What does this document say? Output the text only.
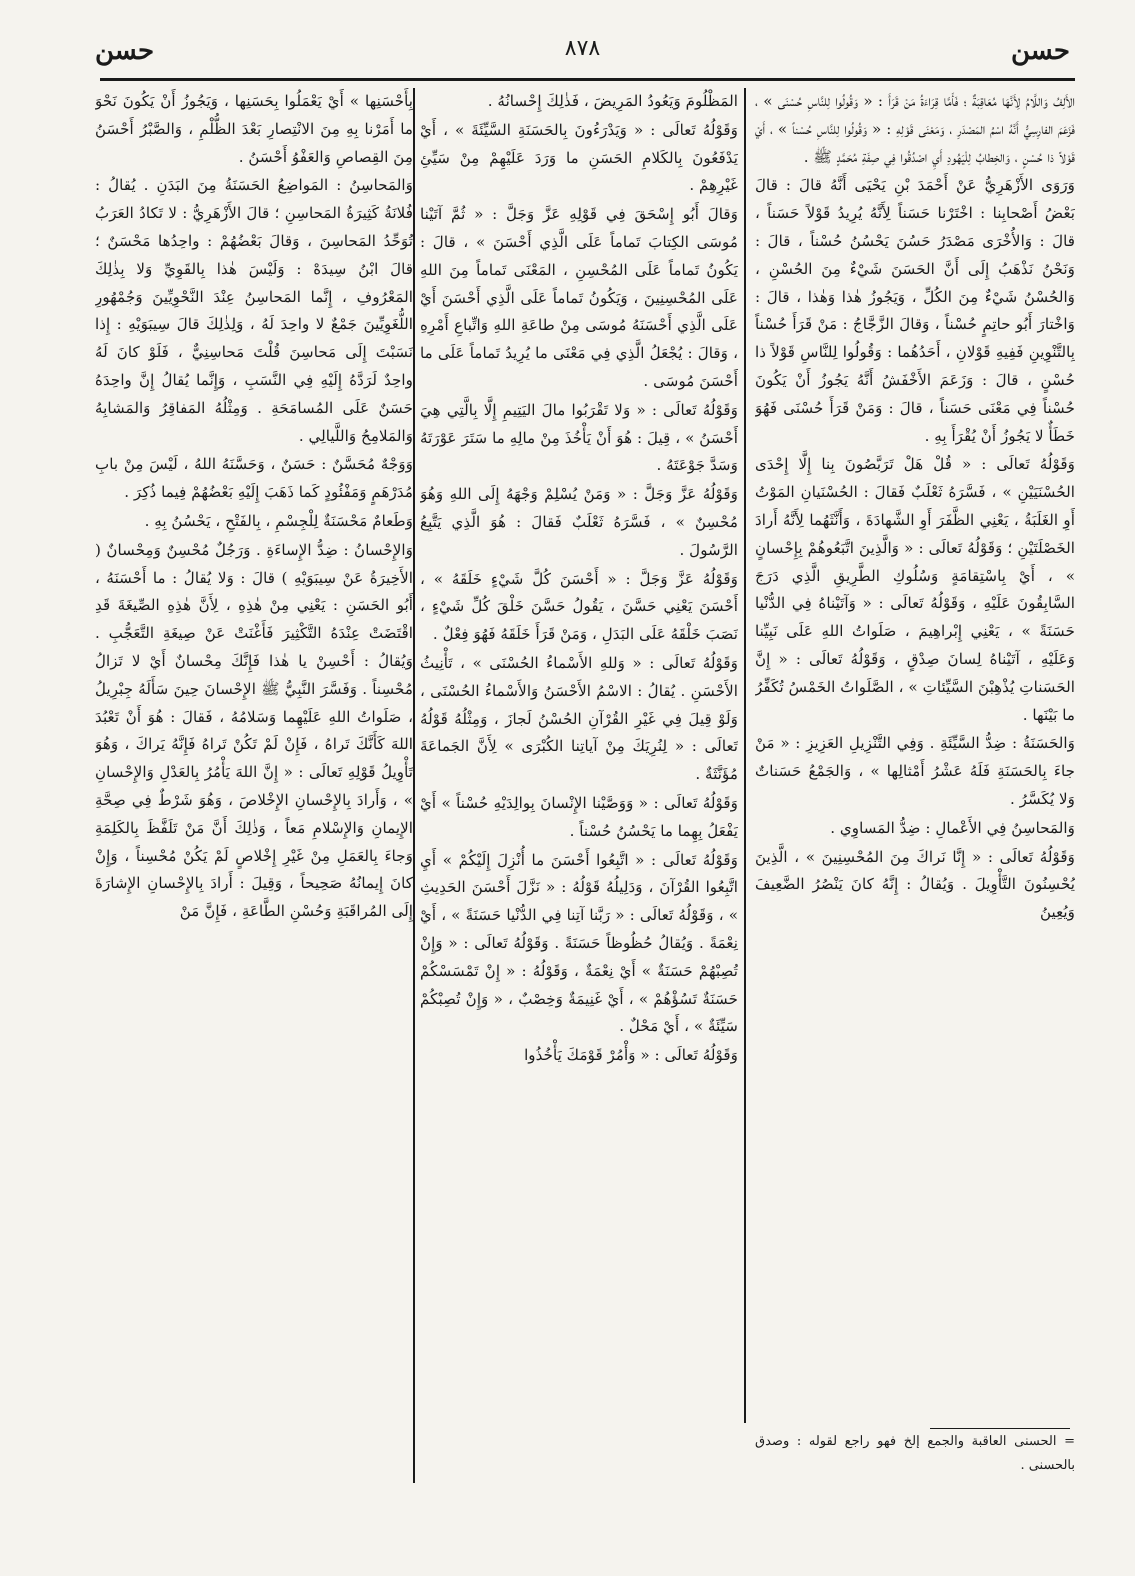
حسن
٨٧٨
حسن

الأَلِفُ وَاللَّامُ لِأَنَّهَا مُعَاقِبَةٌ ؛ فَأَمَّا قِرَاءَةُ مَنْ قَرَأَ : « وَقُولُوا لِلنَّاسِ حُسْنَى » ، فَزَعَمَ الفارِسِيُّ أَنَّهُ اسْمُ المَصْدَرِ ، وَمَعْنَى قَوْلِهِ : « وَقُولُوا لِلنَّاسِ حُسْناً » ، أَيْ قَوْلاً ذا حُسْنٍ ، وَالخِطابُ لِلْيَهُودِ أَيِ اصْدُقُوا فِي صِفَةِ مُحَمَّدٍ ﷺ .

وَرَوَى الأَزْهَرِيُّ عَنْ أَحْمَدَ بْنِ يَحْيَى أَنَّهُ قالَ : قالَ بَعْضُ أَصْحابِنا : اخْتَرْنا حَسَناً لِأَنَّهُ يُرِيدُ قَوْلاً حَسَناً ، قالَ : وَالأُخْرَى مَصْدَرُ حَسُنَ يَحْسُنُ حُسْناً ، قالَ : وَنَحْنُ نَذْهَبُ إِلَى أَنَّ الحَسَنَ شَيْءٌ مِنَ الحُسْنِ ، وَالحُسْنُ شَيْءٌ مِنَ الكُلِّ ، وَيَجُوزُ هٰذا وَهٰذا ، قالَ : وَاخْتارَ أَبُو حاتِمٍ حُسْناً ، وَقالَ الزَّجَّاجُ : مَنْ قَرَأَ حُسْناً بِالتَّنْوِينِ فَفِيهِ قَوْلانِ ، أَحَدُهُما : وَقُولُوا لِلنَّاسِ قَوْلاً ذا حُسْنٍ ، قالَ : وَزَعَمَ الأَخْفَشُ أَنَّهُ يَجُوزُ أَنْ يَكُونَ حُسْناً فِي مَعْنَى حَسَناً ، قالَ : وَمَنْ قَرَأَ حُسْنَى فَهُوَ خَطَأٌ لا يَجُوزُ أَنْ يُقْرَأَ بِهِ .

وَقَوْلُهُ تَعالَى : « قُلْ هَلْ تَرَبَّصُونَ بِنا إِلَّا إِحْدَى الحُسْنَيَيْنِ » ، فَسَّرَهُ ثَعْلَبٌ فَقالَ : الحُسْنَيانِ المَوْتُ أَوِ الغَلَبَةُ ، يَعْنِي الظَّفَرَ أَوِ الشَّهادَةَ ، وَأَنَّثَهُما لِأَنَّهُ أَرادَ الخَصْلَتَيْنِ ؛ وَقَوْلُهُ تَعالَى : « وَالَّذِينَ اتَّبَعُوهُمْ بِإِحْسانٍ » ، أَيْ بِاسْتِقامَةٍ وَسُلُوكِ الطَّرِيقِ الَّذِي دَرَجَ السَّابِقُونَ عَلَيْهِ ، وَقَوْلُهُ تَعالَى : « وَآتَيْناهُ فِي الدُّنْيا حَسَنَةً » ، يَعْنِي إِبْراهِيمَ ، صَلَواتُ اللهِ عَلَى نَبِيِّنا وَعَلَيْهِ ، آتَيْناهُ لِسانَ صِدْقٍ ، وَقَوْلُهُ تَعالَى : « إِنَّ الحَسَناتِ يُذْهِبْنَ السَّيِّئاتِ » ، الصَّلَواتُ الخَمْسُ تُكَفِّرُ ما بَيْنَها .

وَالحَسَنَةُ : ضِدُّ السَّيِّئَةِ . وَفِي التَّنْزِيلِ العَزِيزِ : « مَنْ جاءَ بِالحَسَنَةِ فَلَهُ عَشْرُ أَمْثالِها » ، وَالجَمْعُ حَسَناتٌ وَلا يُكَسَّرُ .

وَالمَحاسِنُ فِي الأَعْمالِ : ضِدُّ المَساوِي .

وَقَوْلُهُ تَعالَى : « إِنَّا نَراكَ مِنَ المُحْسِنِينَ » ، الَّذِينَ يُحْسِنُونَ التَّأْوِيلَ . وَيُقالُ : إِنَّهُ كانَ يَنْصُرُ الضَّعِيفَ وَيُعِينُ

المَظْلُومَ وَيَعُودُ المَرِيضَ ، فَذٰلِكَ إِحْسانُهُ .

وَقَوْلُهُ تَعالَى : « وَيَدْرَءُونَ بِالحَسَنَةِ السَّيِّئَةَ » ، أَيْ يَدْفَعُونَ بِالكَلامِ الحَسَنِ ما وَرَدَ عَلَيْهِمْ مِنْ سَيِّئِ غَيْرِهِمْ .

وَقالَ أَبُو إِسْحَقَ فِي قَوْلِهِ عَزَّ وَجَلَّ : « ثُمَّ آتَيْنا مُوسَى الكِتابَ تَماماً عَلَى الَّذِي أَحْسَنَ » ، قالَ : يَكُونُ تَماماً عَلَى المُحْسِنِ ، المَعْنَى تَماماً مِنَ اللهِ عَلَى المُحْسِنِينَ ، وَيَكُونُ تَماماً عَلَى الَّذِي أَحْسَنَ أَيْ عَلَى الَّذِي أَحْسَنَهُ مُوسَى مِنْ طاعَةِ اللهِ وَاتِّباعِ أَمْرِهِ ، وَقالَ : يُجْعَلُ الَّذِي فِي مَعْنَى ما يُرِيدُ تَماماً عَلَى ما أَحْسَنَ مُوسَى .

وَقَوْلُهُ تَعالَى : « وَلا تَقْرَبُوا مالَ اليَتِيمِ إِلَّا بِالَّتِي هِيَ أَحْسَنُ » ، قِيلَ : هُوَ أَنْ يَأْخُذَ مِنْ مالِهِ ما سَتَرَ عَوْرَتَهُ وَسَدَّ جَوْعَتَهُ .

وَقَوْلُهُ عَزَّ وَجَلَّ : « وَمَنْ يُسْلِمْ وَجْهَهُ إِلَى اللهِ وَهُوَ مُحْسِنٌ » ، فَسَّرَهُ ثَعْلَبٌ فَقالَ : هُوَ الَّذِي يَتَّبِعُ الرَّسُولَ .

وَقَوْلُهُ عَزَّ وَجَلَّ : « أَحْسَنَ كُلَّ شَيْءٍ خَلَقَهُ » ، أَحْسَنَ يَعْنِي حَسَّنَ ، يَقُولُ حَسَّنَ خَلْقَ كُلِّ شَيْءٍ ، نَصَبَ خَلْقَهُ عَلَى البَدَلِ ، وَمَنْ قَرَأَ خَلَقَهُ فَهُوَ فِعْلٌ .

وَقَوْلُهُ تَعالَى : « وَللهِ الأَسْماءُ الحُسْنَى » ، تَأْنِيثُ الأَحْسَنِ . يُقالُ : الاسْمُ الأَحْسَنُ وَالأَسْماءُ الحُسْنَى ، وَلَوْ قِيلَ فِي غَيْرِ القُرْآنِ الحُسْنُ لَجازَ ، وَمِثْلُهُ قَوْلُهُ تَعالَى : « لِنُرِيَكَ مِنْ آياتِنا الكُبْرَى » لِأَنَّ الجَماعَةَ مُؤَنَّثَةٌ .

وَقَوْلُهُ تَعالَى : « وَوَصَّيْنا الإِنْسانَ بِوالِدَيْهِ حُسْناً » أَيْ يَفْعَلُ بِهِما ما يَحْسُنُ حُسْناً .

وَقَوْلُهُ تَعالَى : « اتَّبِعُوا أَحْسَنَ ما أُنْزِلَ إِلَيْكُمْ » أَيِ اتَّبِعُوا القُرْآنَ ، وَدَلِيلُهُ قَوْلُهُ : « نَزَّلَ أَحْسَنَ الحَدِيثِ » ، وَقَوْلُهُ تَعالَى : « رَبَّنا آتِنا فِي الدُّنْيا حَسَنَةً » ، أَيْ نِعْمَةً . وَيُقالُ حُظُوظاً حَسَنَةً . وَقَوْلُهُ تَعالَى : « وَإِنْ تُصِبْهُمْ حَسَنَةٌ » أَيْ نِعْمَةٌ ، وَقَوْلُهُ : « إِنْ تَمْسَسْكُمْ حَسَنَةٌ تَسُؤْهُمْ » ، أَيْ غَنِيمَةٌ وَخِصْبٌ ، « وَإِنْ تُصِبْكُمْ سَيِّئَةٌ » ، أَيْ مَحْلٌ .

وَقَوْلُهُ تَعالَى : « وَأْمُرْ قَوْمَكَ يَأْخُذُوا

بِأَحْسَنِها » أَيْ يَعْمَلُوا بِحَسَنِها ، وَيَجُوزُ أَنْ يَكُونَ نَحْوَ ما أَمَرْنا بِهِ مِنَ الانْتِصارِ بَعْدَ الظُّلْمِ ، وَالصَّبْرُ أَحْسَنُ مِنَ القِصاصِ وَالعَفْوُ أَحْسَنُ .

وَالمَحاسِنُ : المَواضِعُ الحَسَنَةُ مِنَ البَدَنِ . يُقالُ : فُلانَةُ كَثِيرَةُ المَحاسِنِ ؛ قالَ الأَزْهَرِيُّ : لا تَكادُ العَرَبُ تُوَحِّدُ المَحاسِنَ ، وَقالَ بَعْضُهُمْ : واحِدُها مَحْسَنٌ ؛ قالَ ابْنُ سِيدَهْ : وَلَيْسَ هٰذا بِالقَوِيِّ وَلا بِذٰلِكَ المَعْرُوفِ ، إِنَّما المَحاسِنُ عِنْدَ النَّحْوِيِّينَ وَجُمْهُورِ اللُّغَوِيِّينَ جَمْعٌ لا واحِدَ لَهُ ، وَلِذٰلِكَ قالَ سِيبَوَيْهِ : إِذا نَسَبْتَ إِلَى مَحاسِنَ قُلْتَ مَحاسِنِيٌّ ، فَلَوْ كانَ لَهُ واحِدٌ لَرَدَّهُ إِلَيْهِ فِي النَّسَبِ ، وَإِنَّما يُقالُ إِنَّ واحِدَهُ حَسَنٌ عَلَى المُسامَحَةِ . وَمِثْلُهُ المَفاقِرُ وَالمَشابِهُ وَالمَلامِحُ وَاللَّيالِي .

وَوَجْهٌ مُحَسَّنٌ : حَسَنٌ ، وَحَسَّنَهُ اللهُ ، لَيْسَ مِنْ بابِ مُدَرْهَمٍ وَمَفْئُودٍ كَما ذَهَبَ إِلَيْهِ بَعْضُهُمْ فِيما ذُكِرَ .

وَطَعامٌ مَحْسَنَةٌ لِلْجِسْمِ ، بِالفَتْحِ ، يَحْسُنُ بِهِ .

وَالإِحْسانُ : ضِدُّ الإِساءَةِ . وَرَجُلٌ مُحْسِنٌ وَمِحْسانٌ ( الأَخِيرَةُ عَنْ سِيبَوَيْهِ ) قالَ : وَلا يُقالُ : ما أَحْسَنَهُ ، أَبُو الحَسَنِ : يَعْنِي مِنْ هٰذِهِ ، لِأَنَّ هٰذِهِ الصِّيغَةَ قَدِ اقْتَضَتْ عِنْدَهُ التَّكْثِيرَ فَأَغْنَتْ عَنْ صِيغَةِ التَّعَجُّبِ . وَيُقالُ : أَحْسِنْ يا هٰذا فَإِنَّكَ مِحْسانٌ أَيْ لا تَزالُ مُحْسِناً . وَفَسَّرَ النَّبِيُّ ﷺ الإِحْسانَ حِينَ سَأَلَهُ جِبْرِيلُ ، صَلَواتُ اللهِ عَلَيْهِما وَسَلامُهُ ، فَقالَ : هُوَ أَنْ تَعْبُدَ اللهَ كَأَنَّكَ تَراهُ ، فَإِنْ لَمْ تَكُنْ تَراهُ فَإِنَّهُ يَراكَ ، وَهُوَ تَأْوِيلُ قَوْلِهِ تَعالَى : « إِنَّ اللهَ يَأْمُرُ بِالعَدْلِ وَالإِحْسانِ » ، وَأَرادَ بِالإِحْسانِ الإِخْلاصَ ، وَهُوَ شَرْطٌ فِي صِحَّةِ الإِيمانِ وَالإِسْلامِ مَعاً ، وَذٰلِكَ أَنَّ مَنْ تَلَفَّظَ بِالكَلِمَةِ وَجاءَ بِالعَمَلِ مِنْ غَيْرِ إِخْلاصٍ لَمْ يَكُنْ مُحْسِناً ، وَإِنْ كانَ إِيمانُهُ صَحِيحاً ، وَقِيلَ : أَرادَ بِالإِحْسانِ الإِشارَةَ إِلَى المُراقَبَةِ وَحُسْنِ الطَّاعَةِ ، فَإِنَّ مَنْ

= الحسنى العاقبة والجمع إلخ فهو راجع لقوله : وصدق بالحسنى .
